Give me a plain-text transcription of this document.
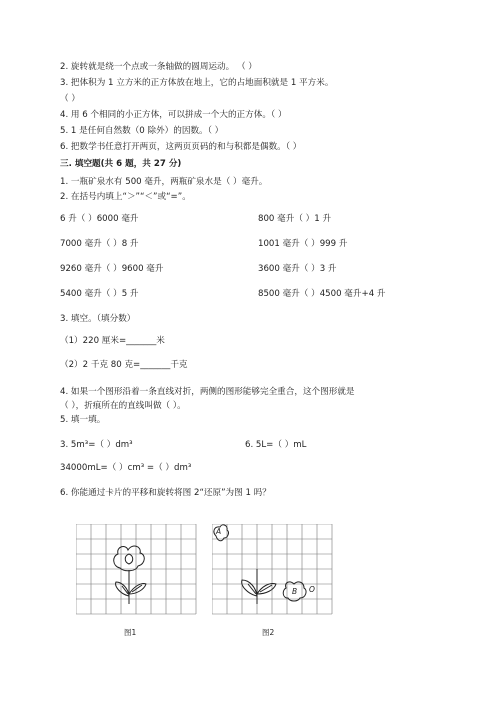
2. 旋转就是绕一个点或一条轴做的圆周运动。 （ ）
3. 把体积为 1 立方米的正方体放在地上，它的占地面积就是 1 平方米。
（ ）
4. 用 6 个相同的小正方体，可以拼成一个大的正方体。（ ）
5. 1 是任何自然数（0 除外）的因数。（ ）
6. 把数学书任意打开两页，这两页页码的和与积都是偶数。（ ）
三. 填空题(共 6 题，共 27 分)
1. 一瓶矿泉水有 500 毫升，两瓶矿泉水是（ ）毫升。
2. 在括号内填上“＞”“＜”或“=”。
6 升（ ）6000 毫升	800 毫升（ ）1 升
7000 毫升（ ）8 升	1001 毫升（ ）999 升
9260 毫升（ ）9600 毫升	3600 毫升（ ）3 升
5400 毫升（ ）5 升	8500 毫升（ ）4500 毫升+4 升
3. 填空。（填分数）
（1）220 厘米=_______米
（2）2 千克 80 克=_______千克
4. 如果一个图形沿着一条直线对折，两侧的图形能够完全重合，这个图形就是
（ ），折痕所在的直线叫做（ ）。
5. 填一填。
3. 5m³=（ ）dm³	6. 5L=（ ）mL
34000mL=（ ）cm³ =（ ）dm³
6. 你能通过卡片的平移和旋转将图 2“还原”为图 1 吗？
图1
A
B O
图2
